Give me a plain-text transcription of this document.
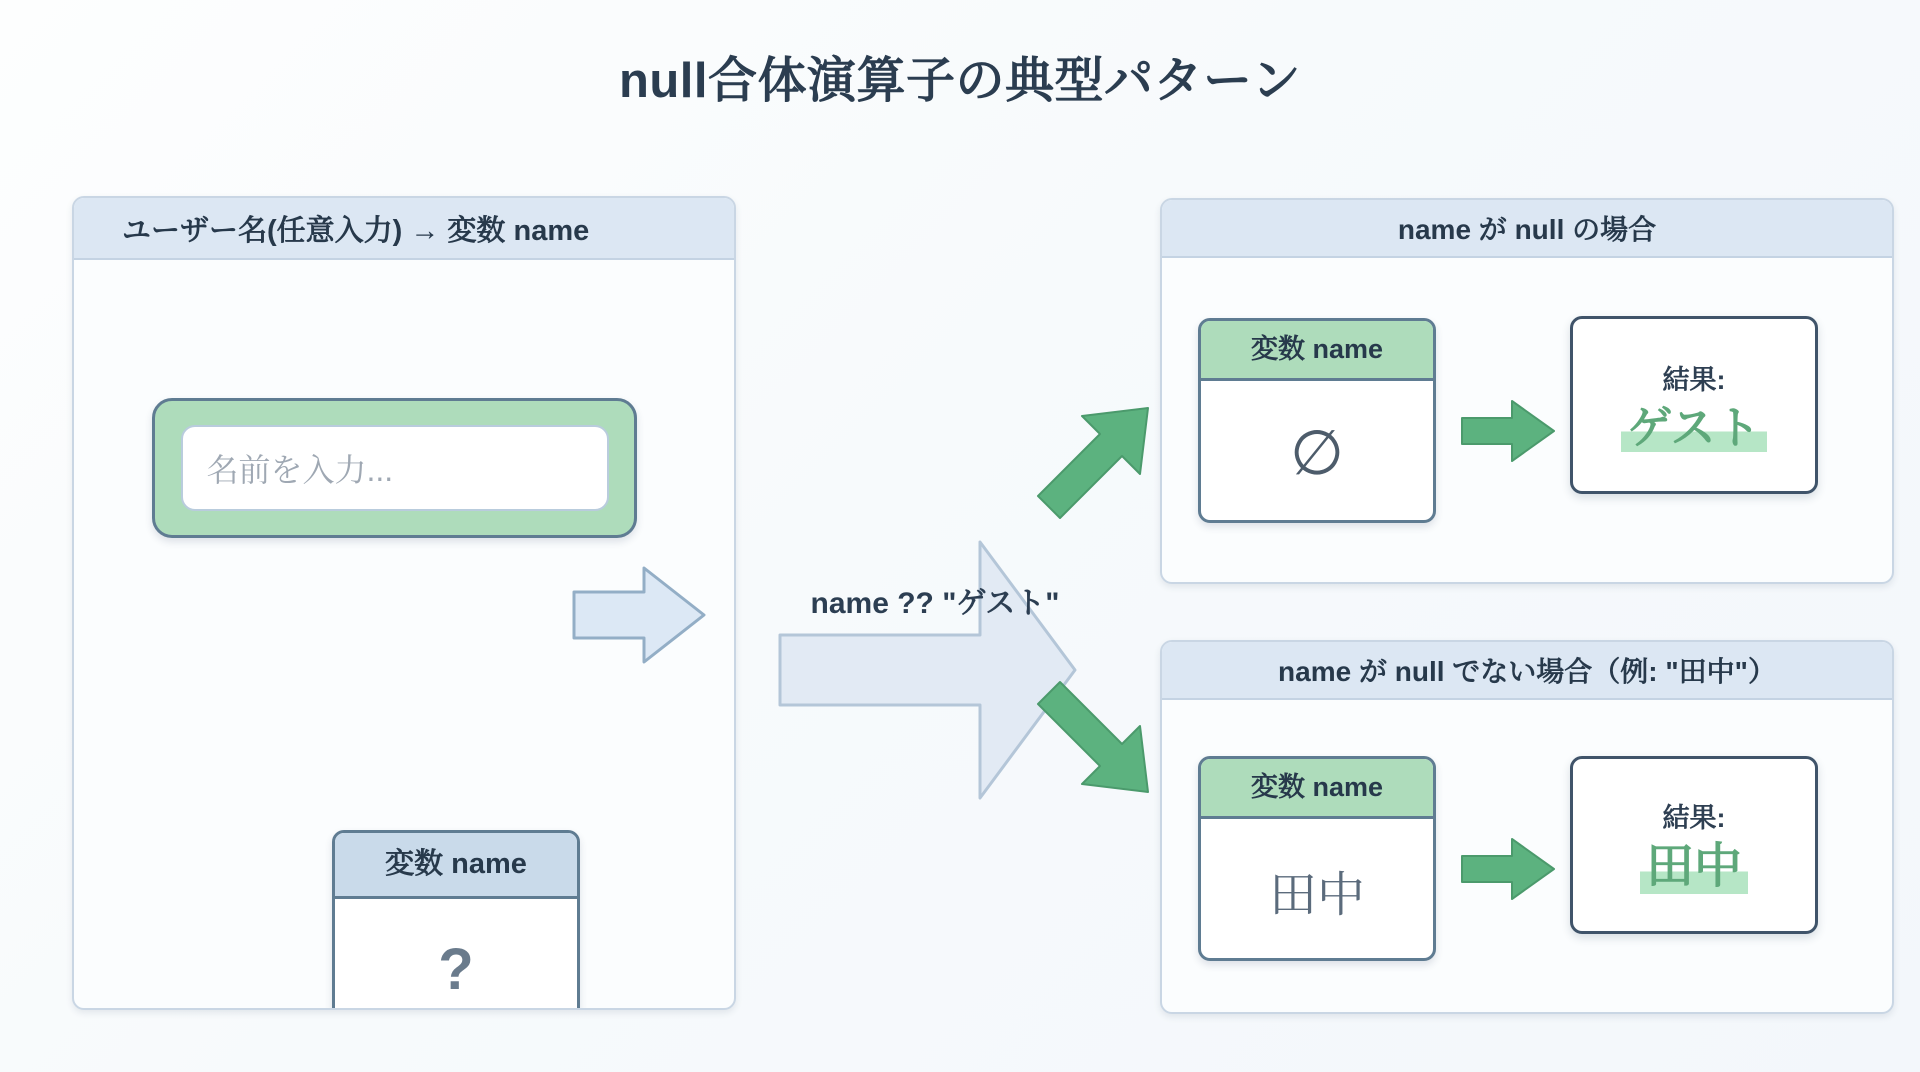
null合体演算子の典型パターン
ユーザー名(任意入力) → 変数 name
名前を入力...
変数 name
?
name ?? "ゲスト"
name が null の場合
変数 name
∅
結果:
ゲスト
name が null でない場合（例: "田中"）
変数 name
田中
結果:
田中
